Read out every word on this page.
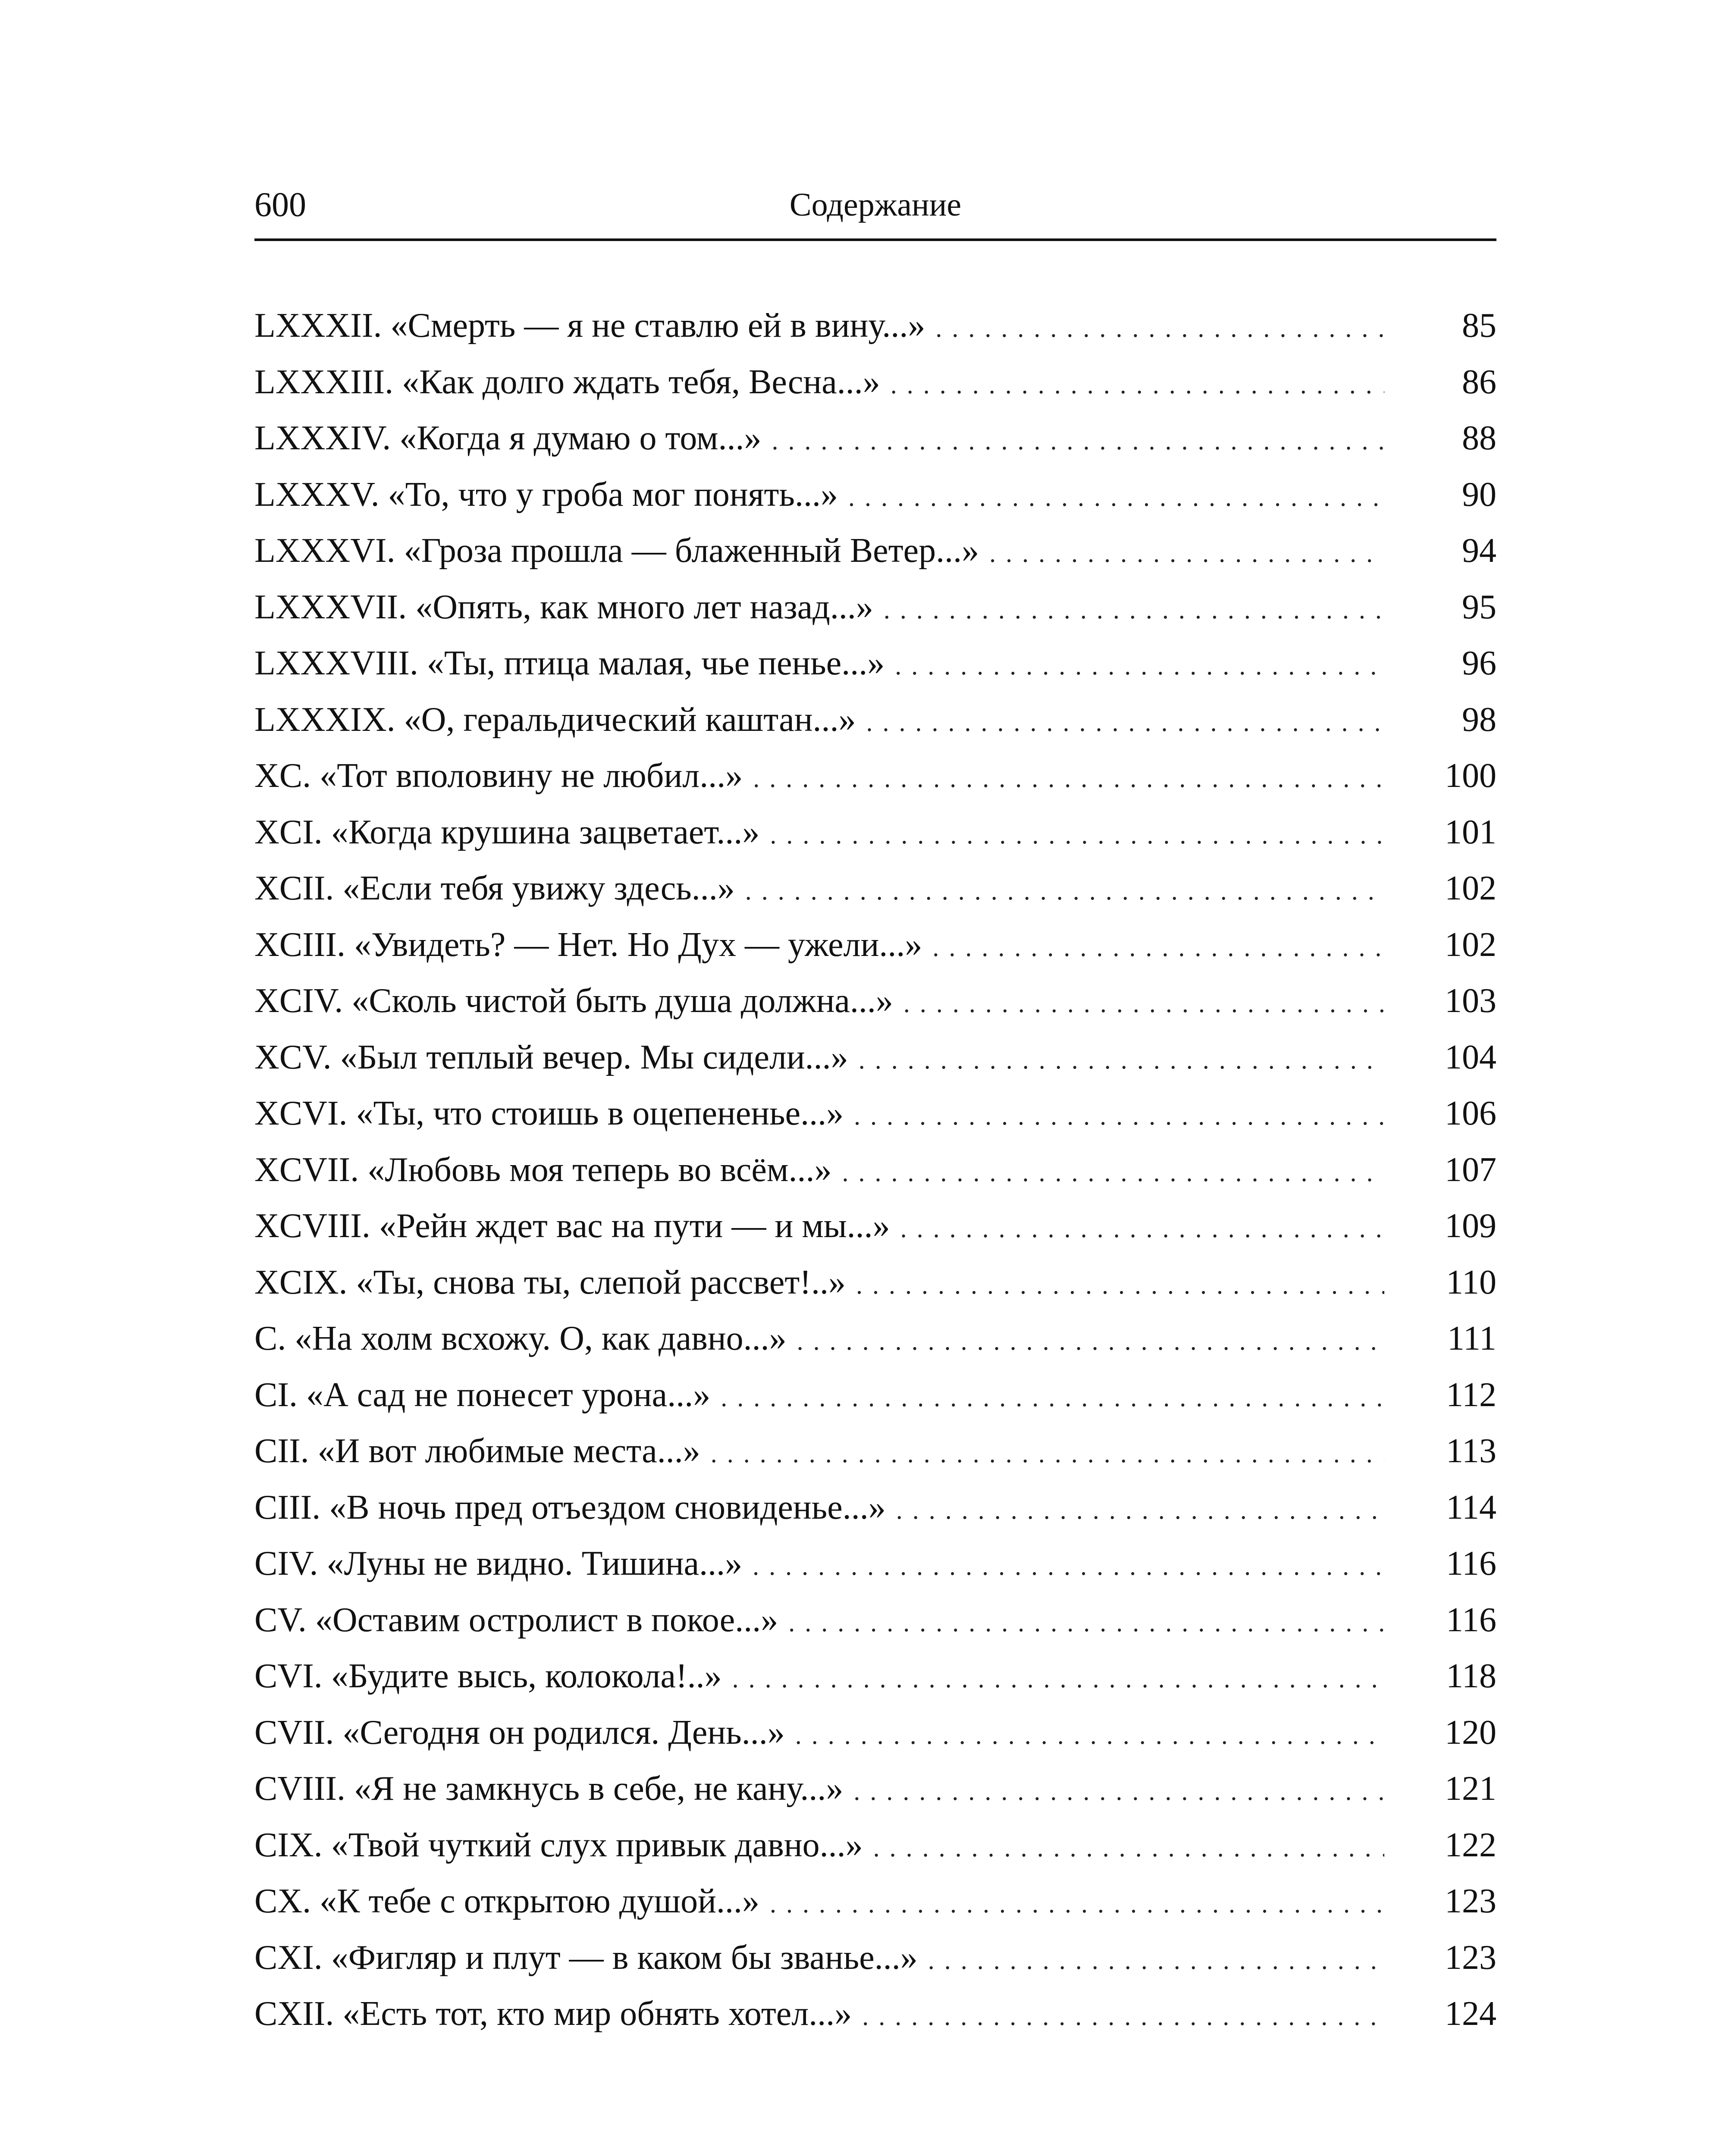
Содержание
600
LXXXII. «Смерть — я не ставлю ей в вину...» . . .	85
LXXXIII. «Как долго ждать тебя, Весна...» . . .	86
LXXXIV. «Когда я думаю о том...» . . .	88
LXXXV. «То, что у гроба мог понять...» . . .	90
LXXXVI. «Гроза прошла — блаженный Ветер...» . . .	94
LXXXVII. «Опять, как много лет назад...» . . .	95
LXXXVIII. «Ты, птица малая, чье пенье...» . . .	96
LXXXIX. «О, геральдический каштан...» . . .	98
XC. «Тот вполовину не любил...» . . .	100
XCI. «Когда крушина зацветает...» . . .	101
XCII. «Если тебя увижу здесь...» . . .	102
XCIII. «Увидеть? — Нет. Но Дух — ужели...» . . .	102
XCIV. «Сколь чистой быть душа должна...» . . .	103
XCV. «Был теплый вечер. Мы сидели...» . . .	104
XCVI. «Ты, что стоишь в оцепененье...» . . .	106
XCVII. «Любовь моя теперь во всём...» . . .	107
XCVIII. «Рейн ждет вас на пути — и мы...» . . .	109
XCIX. «Ты, снова ты, слепой рассвет!..» . . .	110
C. «На холм всхожу. О, как давно...» . . .	111
CI. «А сад не понесет урона...» . . .	112
CII. «И вот любимые места...» . . .	113
CIII. «В ночь пред отъездом сновиденье...» . . .	114
CIV. «Луны не видно. Тишина...» . . .	116
CV. «Оставим остролист в покое...» . . .	116
CVI. «Будите высь, колокола!..» . . .	118
CVII. «Сегодня он родился. День...» . . .	120
CVIII. «Я не замкнусь в себе, не кану...» . . .	121
CIX. «Твой чуткий слух привык давно...» . . .	122
CX. «К тебе с открытою душой...» . . .	123
CXI. «Фигляр и плут — в каком бы званье...» . . .	123
CXII. «Есть тот, кто мир обнять хотел...» . . .	124
